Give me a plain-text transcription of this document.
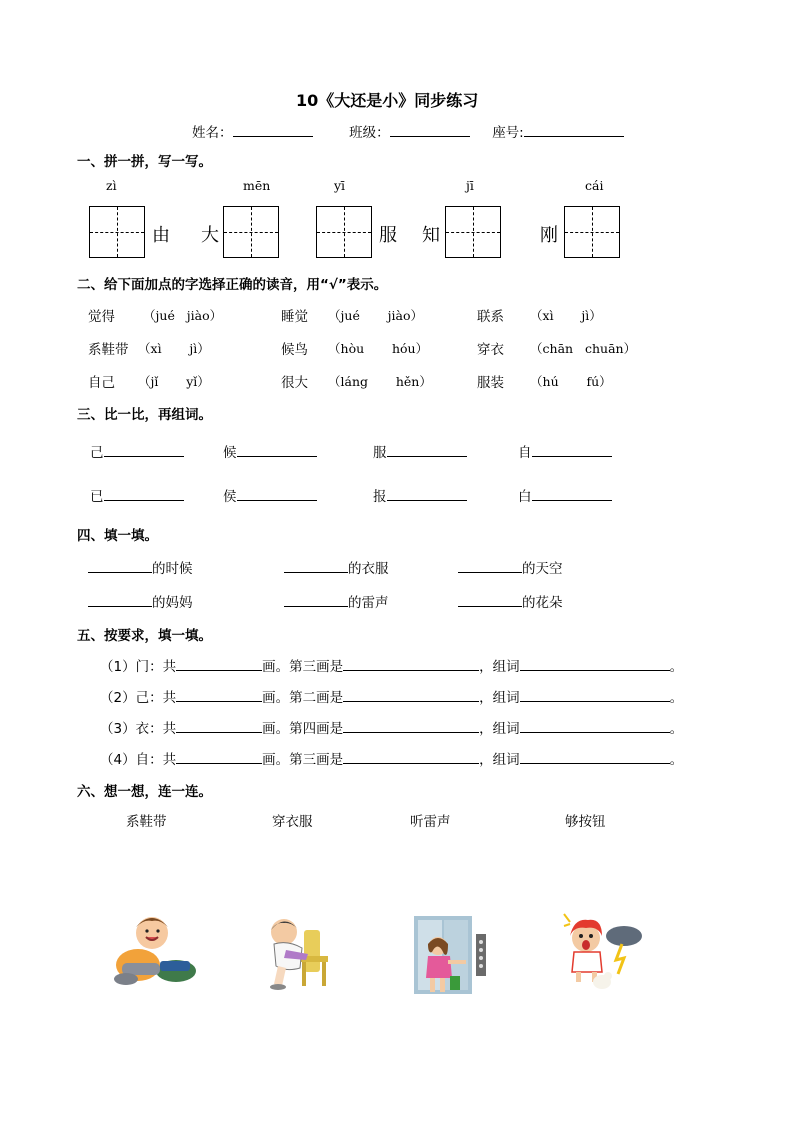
10《大还是小》同步练习
姓名：	班级：	座号:
一、拼一拼，写一写。
zì	mēn	yī	jī	cái
由 大	服 知	刚
二、给下面加点的字选择正确的读音，用“√”表示。
觉得 （jué jiào）	睡觉 （jué jiào）	联系 （xì jì）
系鞋带 （xì jì）	候鸟 （hòu hóu）	穿衣 （chān chuān）
自己 （jǐ yǐ）	很大 （láng hěn）	服装 （hú fú）
三、比一比，再组词。
己	候	服	自
已	侯	报	白
四、填一填。
的时候	的衣服	的天空
的妈妈	的雷声	的花朵
五、按要求，填一填。
（1）门：共	画。第三画是	，组词	。
（2）己：共	画。第二画是	，组词	。
（3）衣：共	画。第四画是	，组词	。
（4）自：共	画。第三画是	，组词	。
六、想一想，连一连。
系鞋带	穿衣服	听雷声	够按钮
